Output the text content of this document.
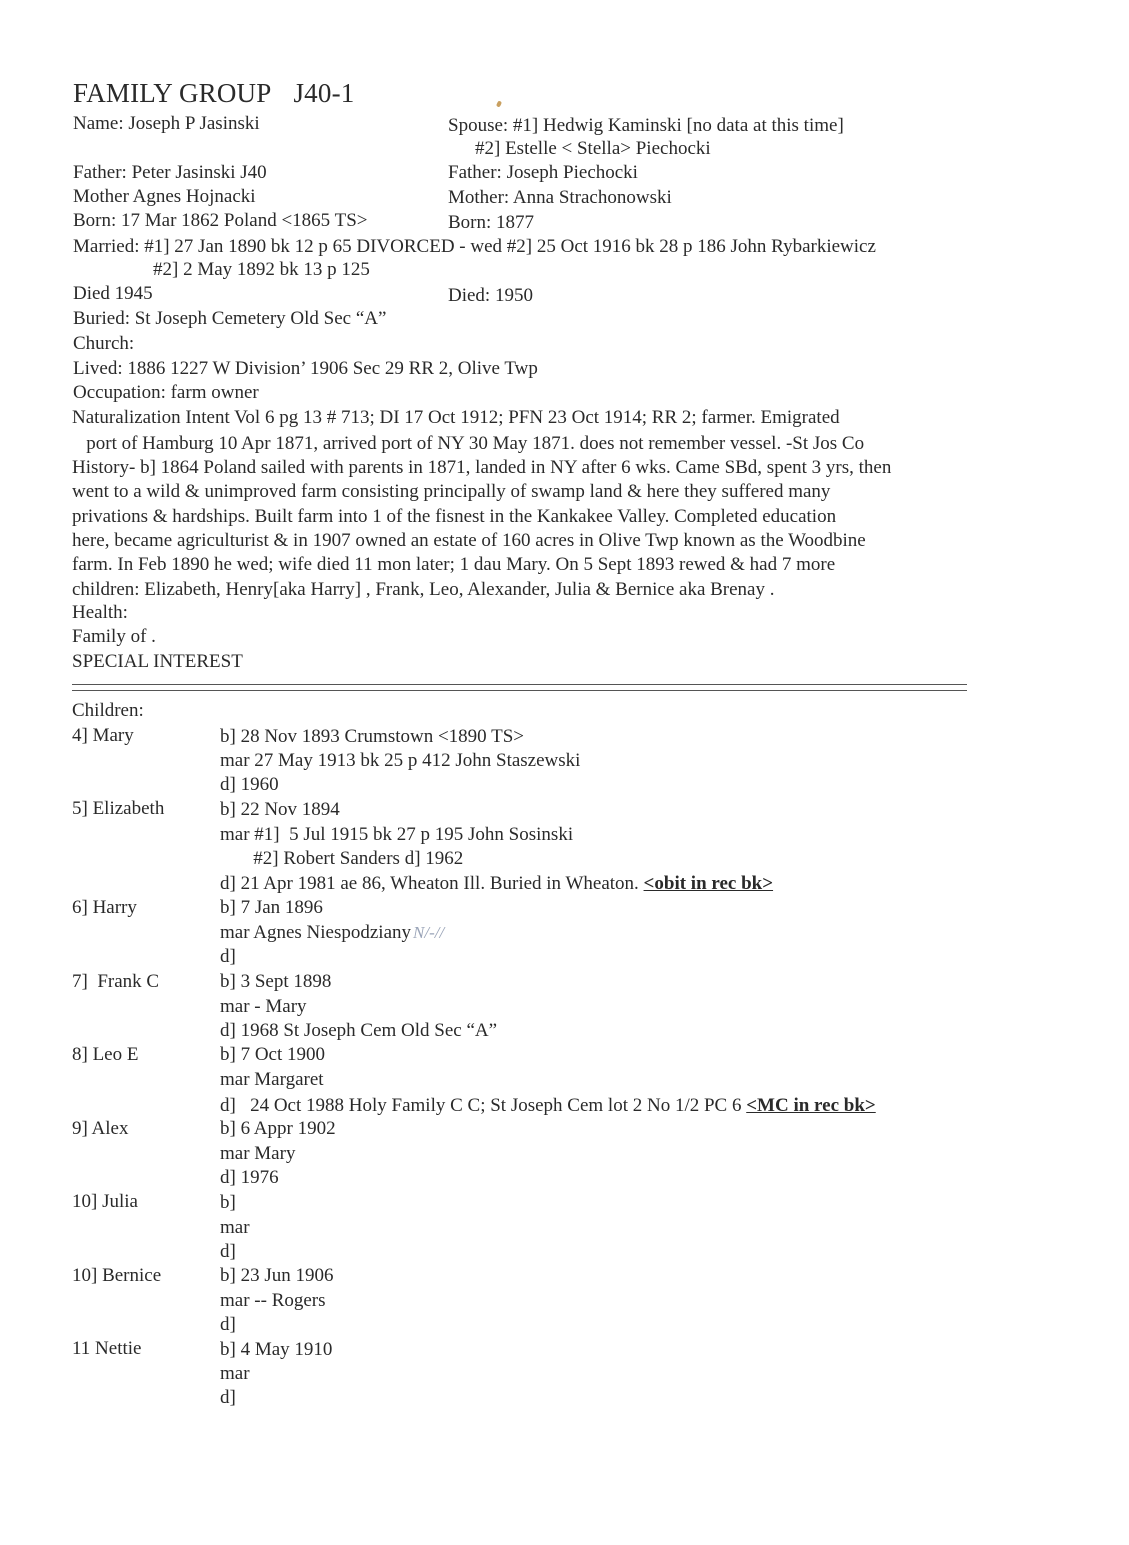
FAMILY GROUP J40-1
Name: Joseph P Jasinski	Spouse: #1] Hedwig Kaminski [no data at this time]
#2] Estelle < Stella> Piechocki
Father: Peter Jasinski J40	Father: Joseph Piechocki
Mother Agnes Hojnacki	Mother: Anna Strachonowski
Born: 17 Mar 1862 Poland <1865 TS>	Born: 1877
Married: #1] 27 Jan 1890 bk 12 p 65 DIVORCED - wed #2] 25 Oct 1916 bk 28 p 186 John Rybarkiewicz
#2] 2 May 1892 bk 13 p 125
Died 1945	Died: 1950
Buried: St Joseph Cemetery Old Sec “A”
Church:
Lived: 1886 1227 W Division’ 1906 Sec 29 RR 2, Olive Twp
Occupation: farm owner
Naturalization Intent Vol 6 pg 13 # 713; DI 17 Oct 1912; PFN 23 Oct 1914; RR 2; farmer. Emigrated
port of Hamburg 10 Apr 1871, arrived port of NY 30 May 1871. does not remember vessel. -St Jos Co
History- b] 1864 Poland sailed with parents in 1871, landed in NY after 6 wks. Came SBd, spent 3 yrs, then
went to a wild & unimproved farm consisting principally of swamp land & here they suffered many
privations & hardships. Built farm into 1 of the fisnest in the Kankakee Valley. Completed education
here, became agriculturist & in 1907 owned an estate of 160 acres in Olive Twp known as the Woodbine
farm. In Feb 1890 he wed; wife died 11 mon later; 1 dau Mary. On 5 Sept 1893 rewed & had 7 more
children: Elizabeth, Henry[aka Harry] , Frank, Leo, Alexander, Julia & Bernice aka Brenay .
Health:
Family of .
SPECIAL INTEREST
Children:
4] Mary	b] 28 Nov 1893 Crumstown <1890 TS>
mar 27 May 1913 bk 25 p 412 John Staszewski
d] 1960
5] Elizabeth	b] 22 Nov 1894
mar #1]  5 Jul 1915 bk 27 p 195 John Sosinski
#2] Robert Sanders d] 1962
d] 21 Apr 1981 ae 86, Wheaton Ill. Buried in Wheaton. <obit in rec bk>
6] Harry	b] 7 Jan 1896
mar Agnes Niespodziany N/-//
d]
7]  Frank C	b] 3 Sept 1898
mar - Mary
d] 1968 St Joseph Cem Old Sec “A”
8] Leo E	b] 7 Oct 1900
mar Margaret
d]   24 Oct 1988 Holy Family C C; St Joseph Cem lot 2 No 1/2 PC 6 <MC in rec bk>
9] Alex	b] 6 Appr 1902
mar Mary
d] 1976
10] Julia	b]
mar
d]
10] Bernice	b] 23 Jun 1906
mar -- Rogers
d]
11 Nettie	b] 4 May 1910
mar
d]
